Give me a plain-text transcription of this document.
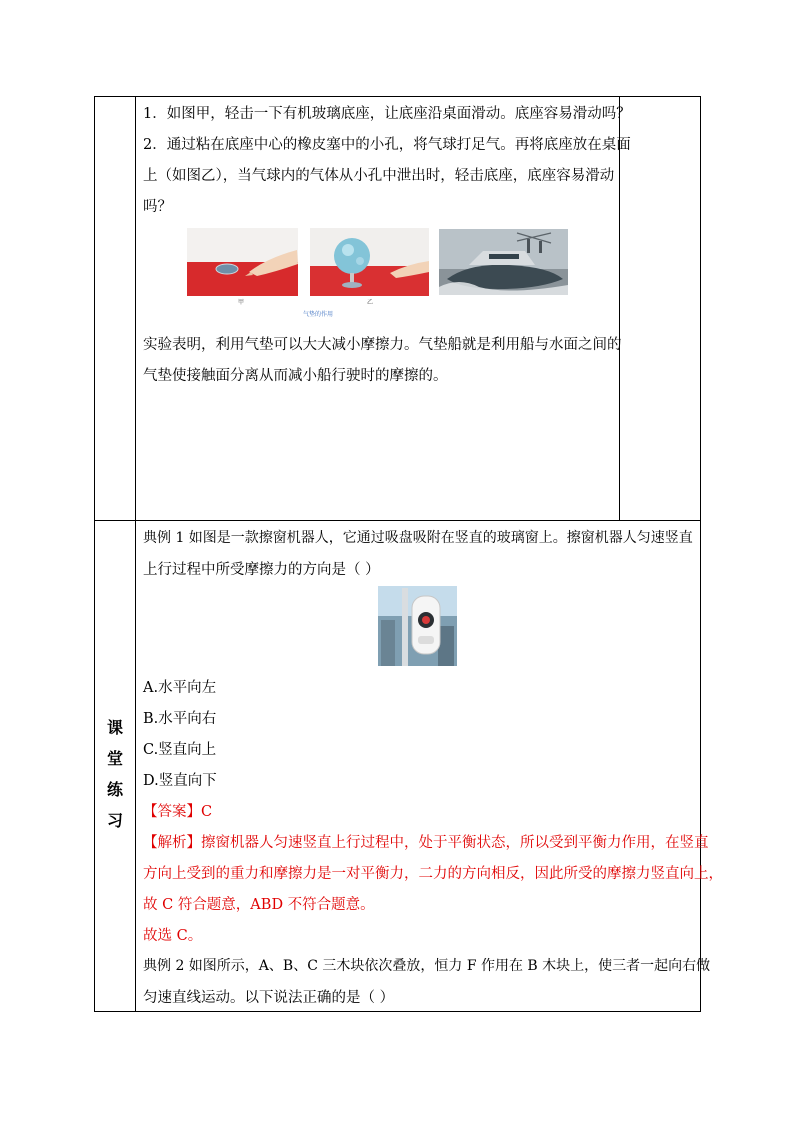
1．如图甲，轻击一下有机玻璃底座，让底座沿桌面滑动。底座容易滑动吗？
2．通过粘在底座中心的橡皮塞中的小孔，将气球打足气。再将底座放在桌面
上（如图乙），当气球内的气体从小孔中泄出时，轻击底座，底座容易滑动
吗？
甲	乙
气垫的作用
实验表明，利用气垫可以大大减小摩擦力。气垫船就是利用船与水面之间的
气垫使接触面分离从而减小船行驶时的摩擦的。
课
堂
练
习
典例 1 如图是一款擦窗机器人，它通过吸盘吸附在竖直的玻璃窗上。擦窗机器人匀速竖直
上行过程中所受摩擦力的方向是（ ）
A.水平向左
B.水平向右
C.竖直向上
D.竖直向下
【答案】C
【解析】擦窗机器人匀速竖直上行过程中，处于平衡状态，所以受到平衡力作用，在竖直
方向上受到的重力和摩擦力是一对平衡力，二力的方向相反，因此所受的摩擦力竖直向上，
故 C 符合题意，ABD 不符合题意。
故选 C。
典例 2 如图所示，A、B、C 三木块依次叠放，恒力 F 作用在 B 木块上，使三者一起向右做
匀速直线运动。以下说法正确的是（ ）
